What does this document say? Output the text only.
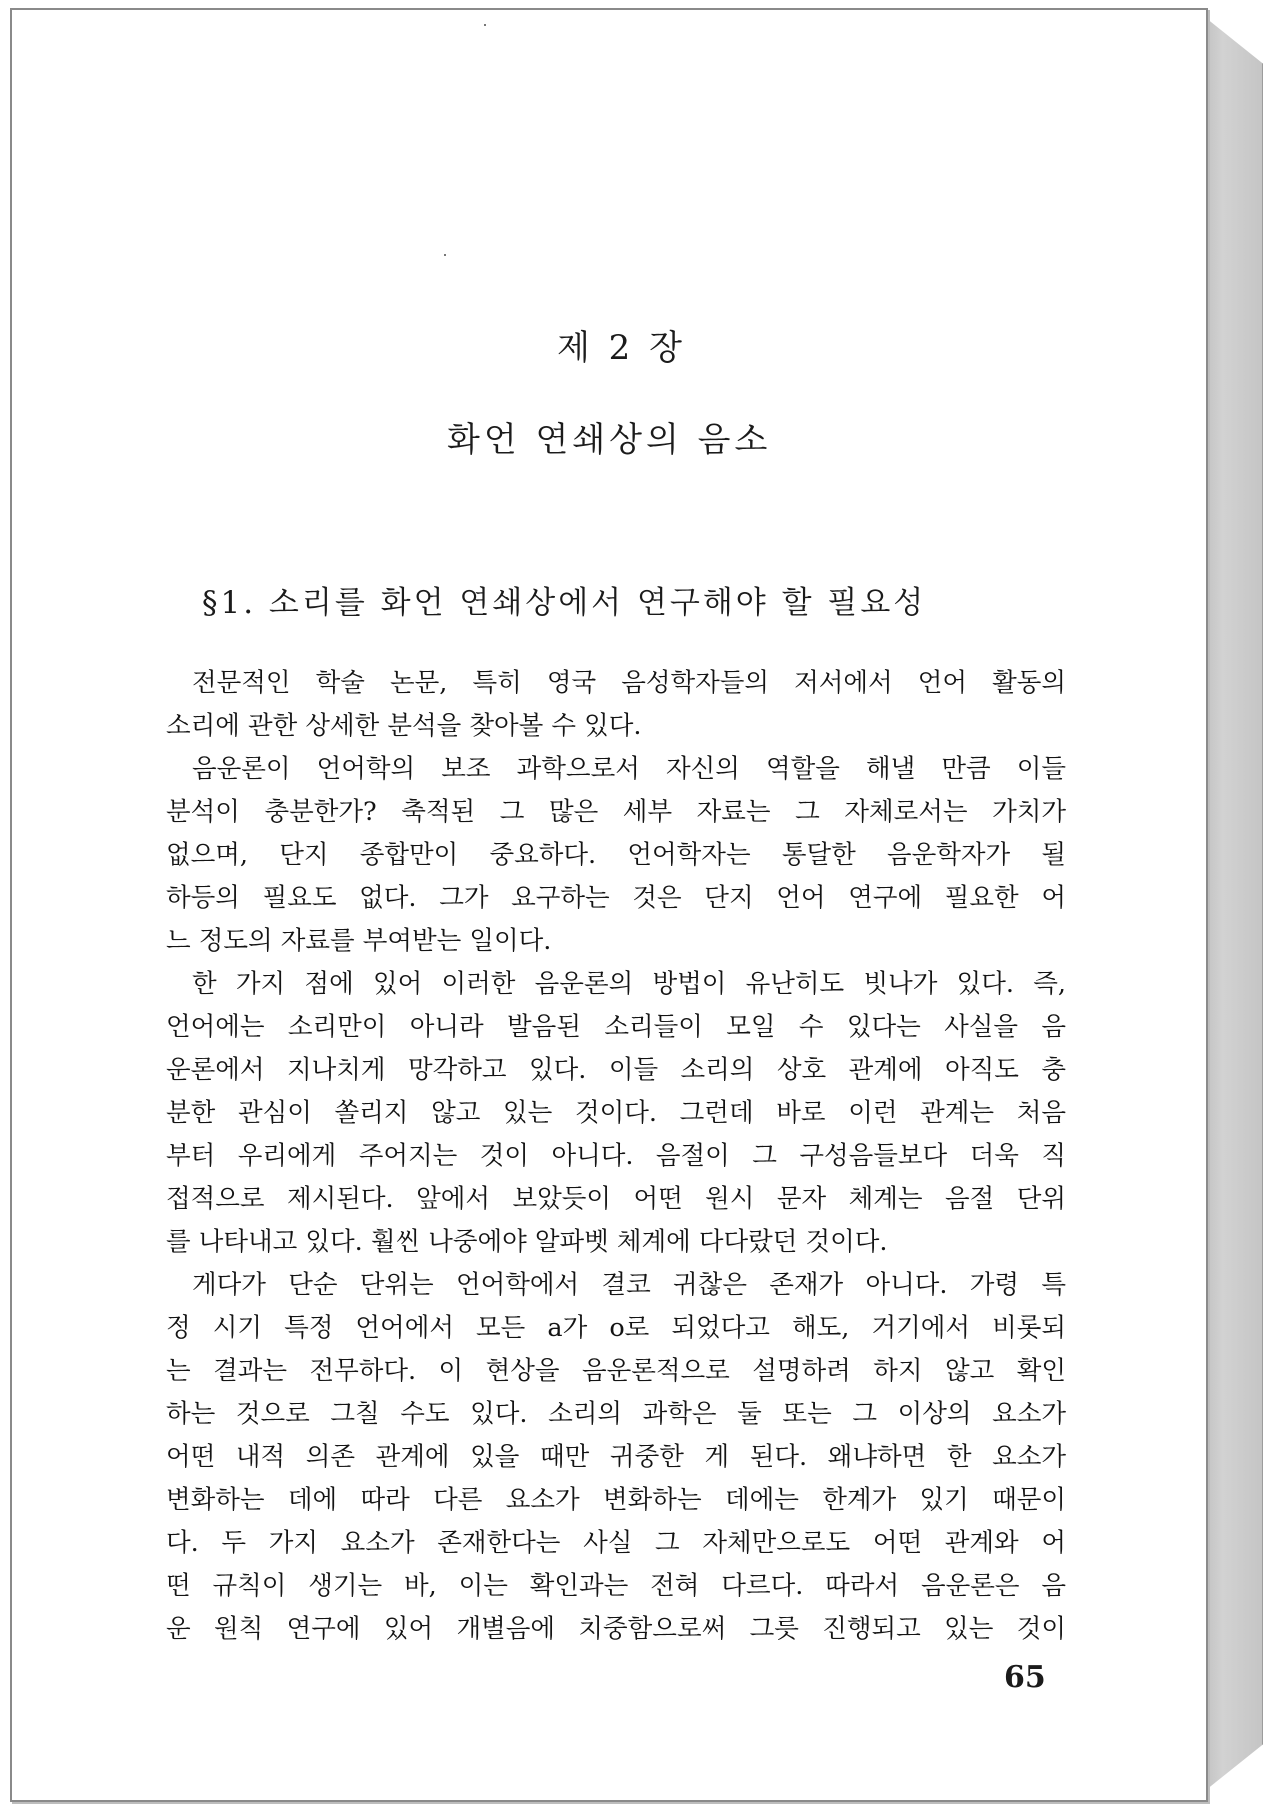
제 2 장
화언 연쇄상의 음소
§1. 소리를 화언 연쇄상에서 연구해야 할 필요성
전문적인 학술 논문, 특히 영국 음성학자들의 저서에서 언어 활동의
소리에 관한 상세한 분석을 찾아볼 수 있다.
음운론이 언어학의 보조 과학으로서 자신의 역할을 해낼 만큼 이들
분석이 충분한가? 축적된 그 많은 세부 자료는 그 자체로서는 가치가
없으며, 단지 종합만이 중요하다. 언어학자는 통달한 음운학자가 될
하등의 필요도 없다. 그가 요구하는 것은 단지 언어 연구에 필요한 어
느 정도의 자료를 부여받는 일이다.
한 가지 점에 있어 이러한 음운론의 방법이 유난히도 빗나가 있다. 즉,
언어에는 소리만이 아니라 발음된 소리들이 모일 수 있다는 사실을 음
운론에서 지나치게 망각하고 있다. 이들 소리의 상호 관계에 아직도 충
분한 관심이 쏠리지 않고 있는 것이다. 그런데 바로 이런 관계는 처음
부터 우리에게 주어지는 것이 아니다. 음절이 그 구성음들보다 더욱 직
접적으로 제시된다. 앞에서 보았듯이 어떤 원시 문자 체계는 음절 단위
를 나타내고 있다. 훨씬 나중에야 알파벳 체계에 다다랐던 것이다.
게다가 단순 단위는 언어학에서 결코 귀찮은 존재가 아니다. 가령 특
정 시기 특정 언어에서 모든 a가 o로 되었다고 해도, 거기에서 비롯되
는 결과는 전무하다. 이 현상을 음운론적으로 설명하려 하지 않고 확인
하는 것으로 그칠 수도 있다. 소리의 과학은 둘 또는 그 이상의 요소가
어떤 내적 의존 관계에 있을 때만 귀중한 게 된다. 왜냐하면 한 요소가
변화하는 데에 따라 다른 요소가 변화하는 데에는 한계가 있기 때문이
다. 두 가지 요소가 존재한다는 사실 그 자체만으로도 어떤 관계와 어
떤 규칙이 생기는 바, 이는 확인과는 전혀 다르다. 따라서 음운론은 음
운 원칙 연구에 있어 개별음에 치중함으로써 그릇 진행되고 있는 것이
65
